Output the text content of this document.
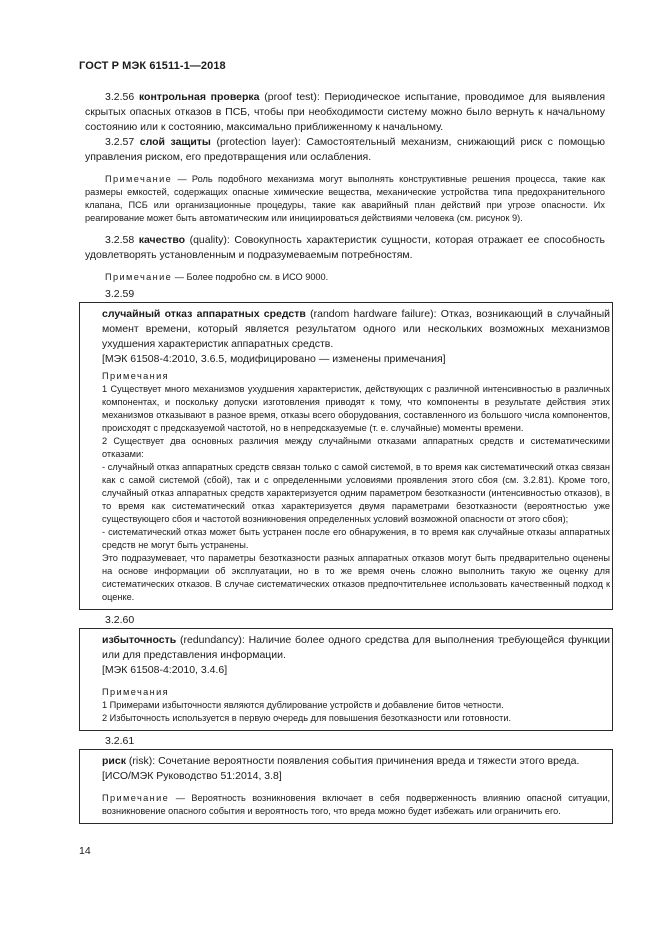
ГОСТ Р МЭК 61511-1—2018

3.2.56 контрольная проверка (proof test): Периодическое испытание, проводимое для выявления скрытых опасных отказов в ПСБ, чтобы при необходимости систему можно было вернуть к начальному состоянию или к состоянию, максимально приближенному к начальному.

3.2.57 слой защиты (protection layer): Самостоятельный механизм, снижающий риск с помощью управления риском, его предотвращения или ослабления.

Примечание — Роль подобного механизма могут выполнять конструктивные решения процесса, такие как размеры емкостей, содержащих опасные химические вещества, механические устройства типа предохранительного клапана, ПСБ или организационные процедуры, такие как аварийный план действий при угрозе опасности. Их реагирование может быть автоматическим или инициироваться действиями человека (см. рисунок 9).

3.2.58 качество (quality): Совокупность характеристик сущности, которая отражает ее способность удовлетворять установленным и подразумеваемым потребностям.

Примечание — Более подробно см. в ИСО 9000.

3.2.59

случайный отказ аппаратных средств (random hardware failure): Отказ, возникающий в случайный момент времени, который является результатом одного или нескольких возможных механизмов ухудшения характеристик аппаратных средств.

[МЭК 61508-4:2010, 3.6.5, модифицировано — изменены примечания]

Примечания

1 Существует много механизмов ухудшения характеристик, действующих с различной интенсивностью в различных компонентах, и поскольку допуски изготовления приводят к тому, что компоненты в результате действия этих механизмов отказывают в разное время, отказы всего оборудования, составленного из большого числа компонентов, происходят с предсказуемой частотой, но в непредсказуемые (т. е. случайные) моменты времени.

2 Существует два основных различия между случайными отказами аппаратных средств и систематическими отказами:

- случайный отказ аппаратных средств связан только с самой системой, в то время как систематический отказ связан как с самой системой (сбой), так и с определенными условиями проявления этого сбоя (см. 3.2.81). Кроме того, случайный отказ аппаратных средств характеризуется одним параметром безотказности (интенсивностью отказов), в то время как систематический отказ характеризуется двумя параметрами безотказности (вероятностью уже существующего сбоя и частотой возникновения определенных условий возможной опасности от этого сбоя);

- систематический отказ может быть устранен после его обнаружения, в то время как случайные отказы аппаратных средств не могут быть устранены.

Это подразумевает, что параметры безотказности разных аппаратных отказов могут быть предварительно оценены на основе информации об эксплуатации, но в то же время очень сложно выполнить такую же оценку для систематических отказов. В случае систематических отказов предпочтительнее использовать качественный подход к оценке.

3.2.60

избыточность (redundancy): Наличие более одного средства для выполнения требующейся функции или для представления информации.

[МЭК 61508-4:2010, 3.4.6]

Примечания

1 Примерами избыточности являются дублирование устройств и добавление битов четности.

2 Избыточность используется в первую очередь для повышения безотказности или готовности.

3.2.61

риск (risk): Сочетание вероятности появления события причинения вреда и тяжести этого вреда.

[ИСО/МЭК Руководство 51:2014, 3.8]

Примечание — Вероятность возникновения включает в себя подверженность влиянию опасной ситуации, возникновение опасного события и вероятность того, что вреда можно будет избежать или ограничить его.

14
